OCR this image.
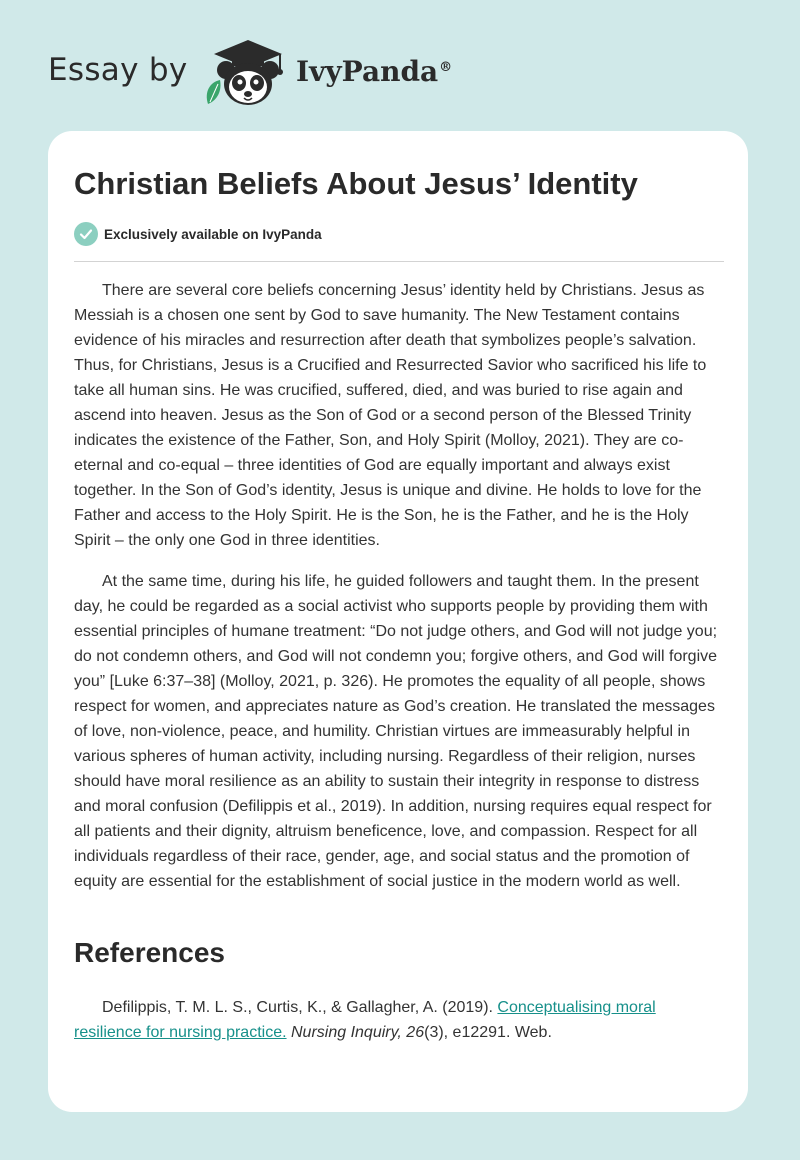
Essay by	IvyPanda®
Christian Beliefs About Jesus’ Identity
Exclusively available on IvyPanda

There are several core beliefs concerning Jesus’ identity held by Christians. Jesus as Messiah is a chosen one sent by God to save humanity. The New Testament contains evidence of his miracles and resurrection after death that symbolizes people’s salvation. Thus, for Christians, Jesus is a Crucified and Resurrected Savior who sacrificed his life to take all human sins. He was crucified, suffered, died, and was buried to rise again and ascend into heaven. Jesus as the Son of God or a second person of the Blessed Trinity indicates the existence of the Father, Son, and Holy Spirit (Molloy, 2021). They are co-eternal and co-equal – three identities of God are equally important and always exist together. In the Son of God’s identity, Jesus is unique and divine. He holds to love for the Father and access to the Holy Spirit. He is the Son, he is the Father, and he is the Holy Spirit – the only one God in three identities.

At the same time, during his life, he guided followers and taught them. In the present day, he could be regarded as a social activist who supports people by providing them with essential principles of humane treatment: “Do not judge others, and God will not judge you; do not condemn others, and God will not condemn you; forgive others, and God will forgive you” [Luke 6:37–38] (Molloy, 2021, p. 326). He promotes the equality of all people, shows respect for women, and appreciates nature as God’s creation. He translated the messages of love, non-violence, peace, and humility. Christian virtues are immeasurably helpful in various spheres of human activity, including nursing. Regardless of their religion, nurses should have moral resilience as an ability to sustain their integrity in response to distress and moral confusion (Defilippis et al., 2019). In addition, nursing requires equal respect for all patients and their dignity, altruism beneficence, love, and compassion. Respect for all individuals regardless of their race, gender, age, and social status and the promotion of equity are essential for the establishment of social justice in the modern world as well.

References

Defilippis, T. M. L. S., Curtis, K., & Gallagher, A. (2019). Conceptualising moral resilience for nursing practice. Nursing Inquiry, 26(3), e12291. Web.
